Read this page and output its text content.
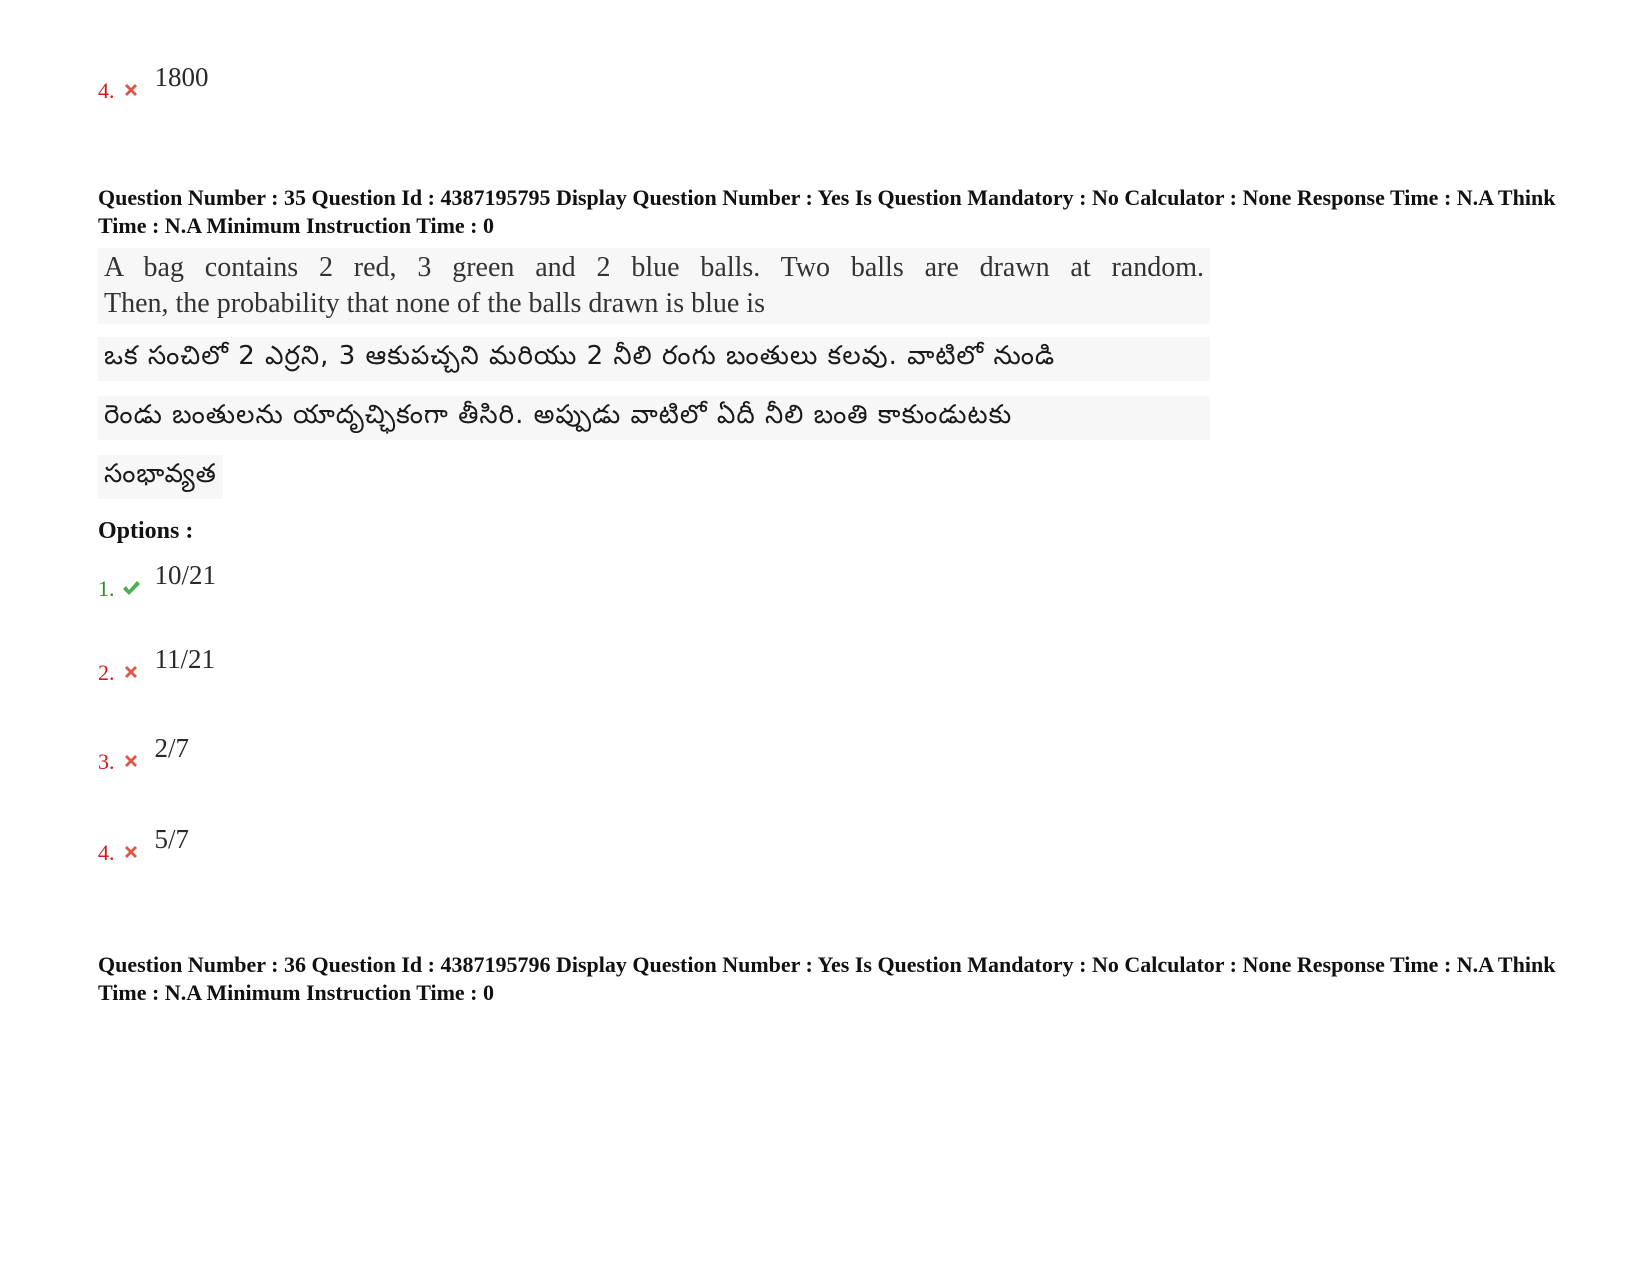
4. 1800
Question Number : 35 Question Id : 4387195795 Display Question Number : Yes Is Question Mandatory : No Calculator : None Response Time : N.A Think Time : N.A Minimum Instruction Time : 0
A bag contains 2 red, 3 green and 2 blue balls. Two balls are drawn at random.
Then, the probability that none of the balls drawn is blue is
ఒక సంచిలో 2 ఎర్రని, 3 ఆకుపచ్చని మరియు 2 నీలి రంగు బంతులు కలవు. వాటిలో నుండి
రెండు బంతులను యాదృచ్ఛికంగా తీసిరి. అప్పుడు వాటిలో ఏదీ నీలి బంతి కాకుండుటకు
సంభావ్యత
Options :
1. 10/21
2. 11/21
3. 2/7
4. 5/7
Question Number : 36 Question Id : 4387195796 Display Question Number : Yes Is Question Mandatory : No Calculator : None Response Time : N.A Think Time : N.A Minimum Instruction Time : 0
